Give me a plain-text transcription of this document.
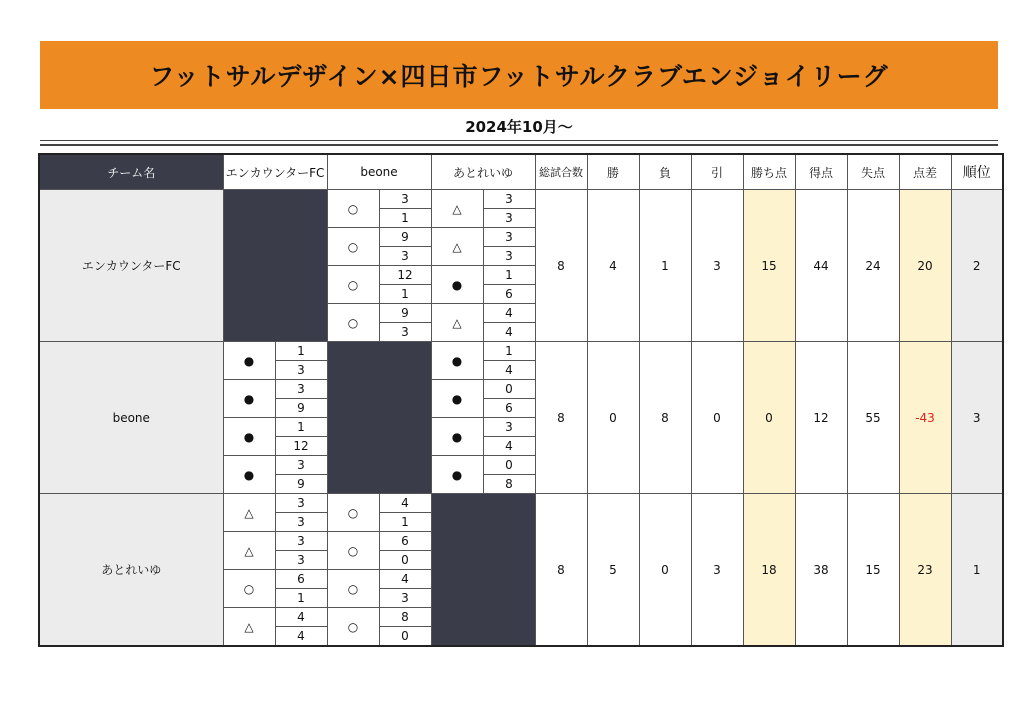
フットサルデザイン×四日市フットサルクラブエンジョイリーグ
2024年10月～
チーム名	エンカウンターFC		beone		あとれいゆ		総試合数	勝	負	引	勝ち点	得点	失点	点差	順位
エンカウンターFC			○	3	△	3	8	4	1	3	15	44	24	20	2
				1		3									
			○	9	△	3									
				3		3									
			○	12	●	1									
				1		6									
			○	9	△	4									
				3		4									
beone	●	1			●	1	8	0	8	0	0	12	55	-43	3
		3				4									
	●	3			●	0									
		9				6									
	●	1			●	3									
		12				4									
	●	3			●	0									
		9				8									
あとれいゆ	△	3	○	4			8	5	0	3	18	38	15	23	1
		3		1											
	△	3	○	6											
		3		0											
	○	6	○	4											
		1		3											
	△	4	○	8											
		4		0											
